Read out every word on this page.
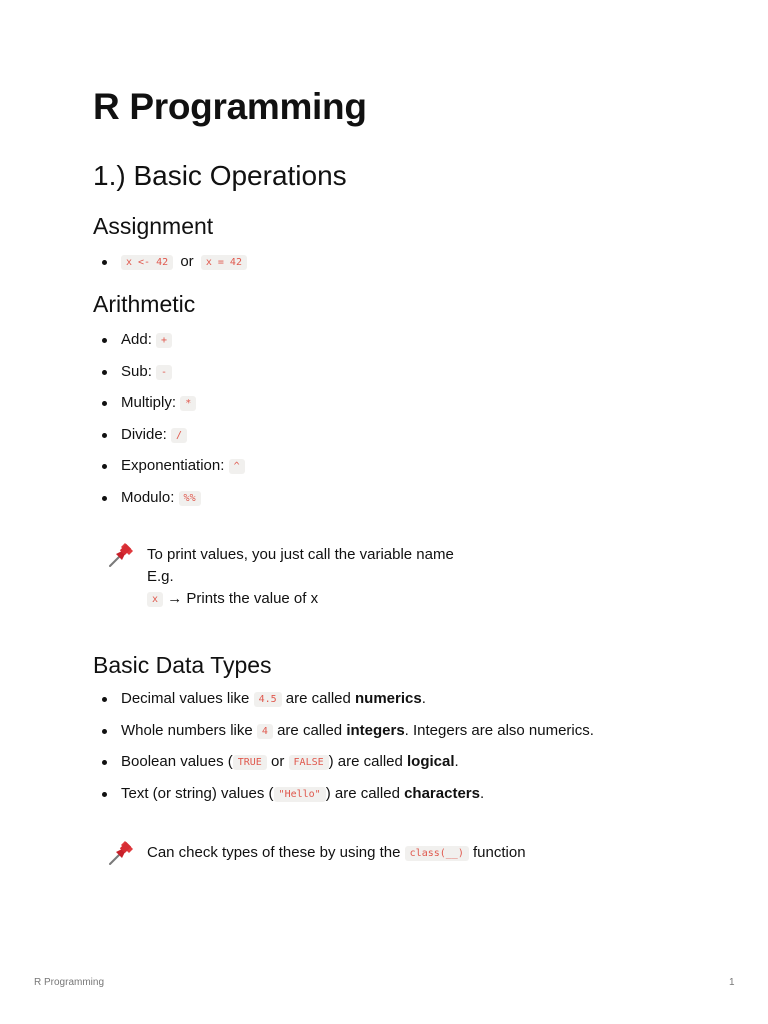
R Programming
1.) Basic Operations
Assignment
x <- 42 or x = 42
Arithmetic
Add: +
Sub: -
Multiply: *
Divide: /
Exponentiation: ^
Modulo: %%
To print values, you just call the variable name
E.g.
x → Prints the value of x
Basic Data Types
Decimal values like 4.5 are called numerics.
Whole numbers like 4 are called integers. Integers are also numerics.
Boolean values ( TRUE or FALSE ) are called logical.
Text (or string) values ( "Hello" ) are called characters.
Can check types of these by using the class(__) function
R Programming	1
